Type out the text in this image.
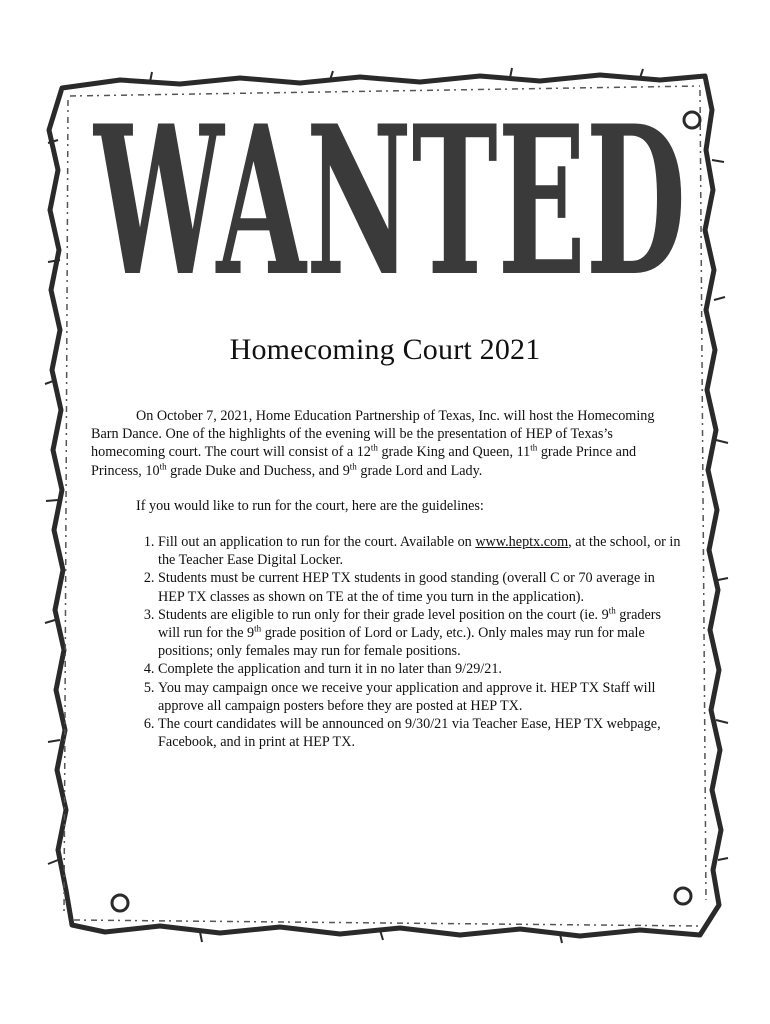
WANTED
Homecoming Court 2021

On October 7, 2021, Home Education Partnership of Texas, Inc. will host the Homecoming Barn Dance. One of the highlights of the evening will be the presentation of HEP of Texas’s homecoming court. The court will consist of a 12th grade King and Queen, 11th grade Prince and Princess, 10th grade Duke and Duchess, and 9th grade Lord and Lady.

If you would like to run for the court, here are the guidelines:

1. Fill out an application to run for the court. Available on www.heptx.com, at the school, or in the Teacher Ease Digital Locker.
2. Students must be current HEP TX students in good standing (overall C or 70 average in HEP TX classes as shown on TE at the of time you turn in the application).
3. Students are eligible to run only for their grade level position on the court (ie. 9th graders will run for the 9th grade position of Lord or Lady, etc.). Only males may run for male positions; only females may run for female positions.
4. Complete the application and turn it in no later than 9/29/21.
5. You may campaign once we receive your application and approve it. HEP TX Staff will approve all campaign posters before they are posted at HEP TX.
6. The court candidates will be announced on 9/30/21 via Teacher Ease, HEP TX webpage, Facebook, and in print at HEP TX.
